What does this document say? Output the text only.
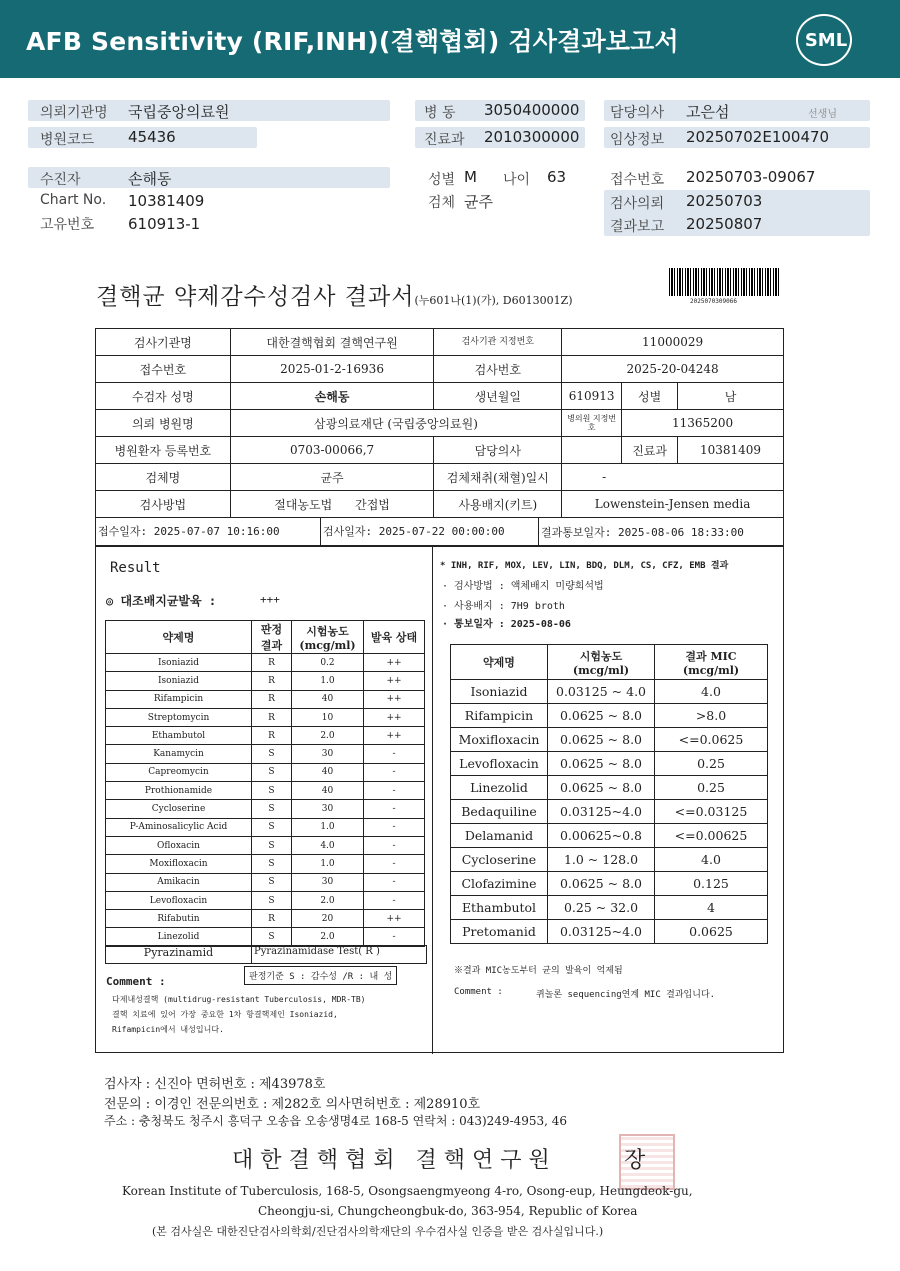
AFB Sensitivity (RIF,INH)(결핵협회) 검사결과보고서	SML
의뢰기관명 국립중앙의료원	병 동 3050400000 담당의사 고은섬	선생님
병원코드 45436	진료과 2010300000 임상정보 20250702E100470
수진자	손해동	성별 M 나이 63	접수번호 20250703-09067
Chart No. 10381409	검체 균주	검사의뢰 20250703
고유번호 610913-1	결과보고 20250807
결핵균 약제감수성검사 결과서(누601나(1)(가), D6013001Z)	2025070309066
검사기관명	대한결핵협회 결핵연구원	검사기관 지정번호	11000029		
접수번호	2025-01-2-16936	검사번호	2025-20-04248		
수검자 성명	손해동	생년월일	610913	성별	남
의뢰 병원명	삼광의료재단 (국립중앙의료원)		병의원 지정번호	11365200	
병원환자 등록번호	0703-00066,7	담당의사		진료과	10381409
검체명	균주	검체채취(채혈)일시	-		
검사방법	절대농도법 간접법	사용배지(키트)	Lowenstein-Jensen media		

접수일자: 2025-07-07 10:16:00 검사일자: 2025-07-22 00:00:00 결과통보일자: 2025-08-06 18:33:00					
Result
◎ 대조배지균발육 :	+++
약제명	판정 결과	시험농도 (mcg/ml)	발육 상태
Isoniazid	R	0.2	++
Isoniazid	R	1.0	++
Rifampicin	R	40	++
Streptomycin	R	10	++
Ethambutol	R	2.0	++
Kanamycin	S	30	-
Capreomycin	S	40	-
Prothionamide	S	40	-
Cycloserine	S	30	-
P-Aminosalicylic Acid	S	1.0	-
Ofloxacin	S	4.0	-
Moxifloxacin	S	1.0	-
Amikacin	S	30	-
Levofloxacin	S	2.0	-
Rifabutin	R	20	++
Linezolid	S	2.0	-
Pyrazinamid	Pyrazinamidase Test( R )
Comment :	판정기준 S : 감수성 /R : 내 성
다제내성결핵 (multidrug-resistant Tuberculosis, MDR-TB)
결핵 치료에 있어 가장 중요한 1차 항결핵제인 Isoniazid,
Rifampicin에서 내성입니다.
* INH, RIF, MOX, LEV, LIN, BDQ, DLM, CS, CFZ, EMB 결과
· 검사방법 : 액체배지 미량희석법
· 사용배지 : 7H9 broth
· 통보일자 : 2025-08-06
약제명	시험농도 (mcg/ml)	결과 MIC (mcg/ml)
Isoniazid	0.03125 ~ 4.0	4.0
Rifampicin	0.0625 ~ 8.0	>8.0
Moxifloxacin	0.0625 ~ 8.0	<=0.0625
Levofloxacin	0.0625 ~ 8.0	0.25
Linezolid	0.0625 ~ 8.0	0.25
Bedaquiline	0.03125~4.0	<=0.03125
Delamanid	0.00625~0.8	<=0.00625
Cycloserine	1.0 ~ 128.0	4.0
Clofazimine	0.0625 ~ 8.0	0.125
Ethambutol	0.25 ~ 32.0	4
Pretomanid	0.03125~4.0	0.0625
※결과 MIC농도부터 균의 발육이 억제됨
Comment :	퀴놀론 sequencing연계 MIC 결과입니다.
검사자 : 신진아 면허번호 : 제43978호
전문의 : 이경인 전문의번호 : 제282호 의사면허번호 : 제28910호
주소 : 충청북도 청주시 흥덕구 오송읍 오송생명4로 168-5 연락처 : 043)249-4953, 46
대한결핵협회 결핵연구원	장
Korean Institute of Tuberculosis, 168-5, Osongsaengmyeong 4-ro, Osong-eup, Heungdeok-gu,
Cheongju-si, Chungcheongbuk-do, 363-954, Republic of Korea
(본 검사실은 대한진단검사의학회/진단검사의학재단의 우수검사실 인증을 받은 검사실입니다.)
